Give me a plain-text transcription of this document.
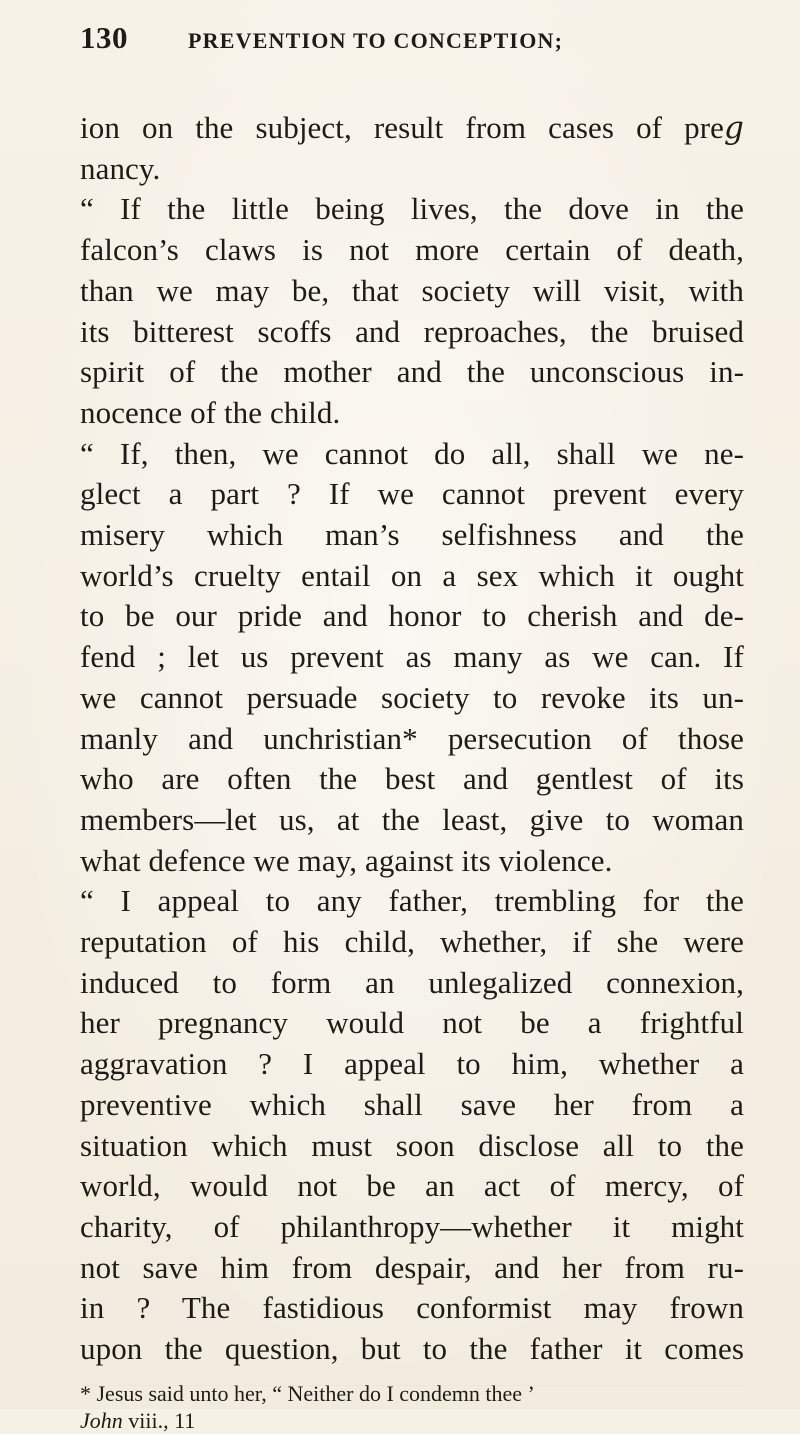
130	PREVENTION TO CONCEPTION;

ion on the subject, result from cases of pre𝑔
nancy.

“ If the little being lives, the dove in the
falcon’s claws is not more certain of death,
than we may be, that society will visit, with
its bitterest scoffs and reproaches, the bruised
spirit of the mother and the unconscious in-
nocence of the child.

“ If, then, we cannot do all, shall we ne-
glect a part ? If we cannot prevent every
misery which man’s selfishness and the
world’s cruelty entail on a sex which it ought
to be our pride and honor to cherish and de-
fend ; let us prevent as many as we can. If
we cannot persuade society to revoke its un-
manly and unchristian* persecution of those
who are often the best and gentlest of its
members—let us, at the least, give to woman
what defence we may, against its violence.

“ I appeal to any father, trembling for the
reputation of his child, whether, if she were
induced to form an unlegalized connexion,
her pregnancy would not be a frightful
aggravation ? I appeal to him, whether a
preventive which shall save her from a
situation which must soon disclose all to the
world, would not be an act of mercy, of
charity, of philanthropy—whether it might
not save him from despair, and her from ru-
in ? The fastidious conformist may frown
upon the question, but to the father it comes

* Jesus said unto her, “ Neither do I condemn thee ’
John viii., 11
